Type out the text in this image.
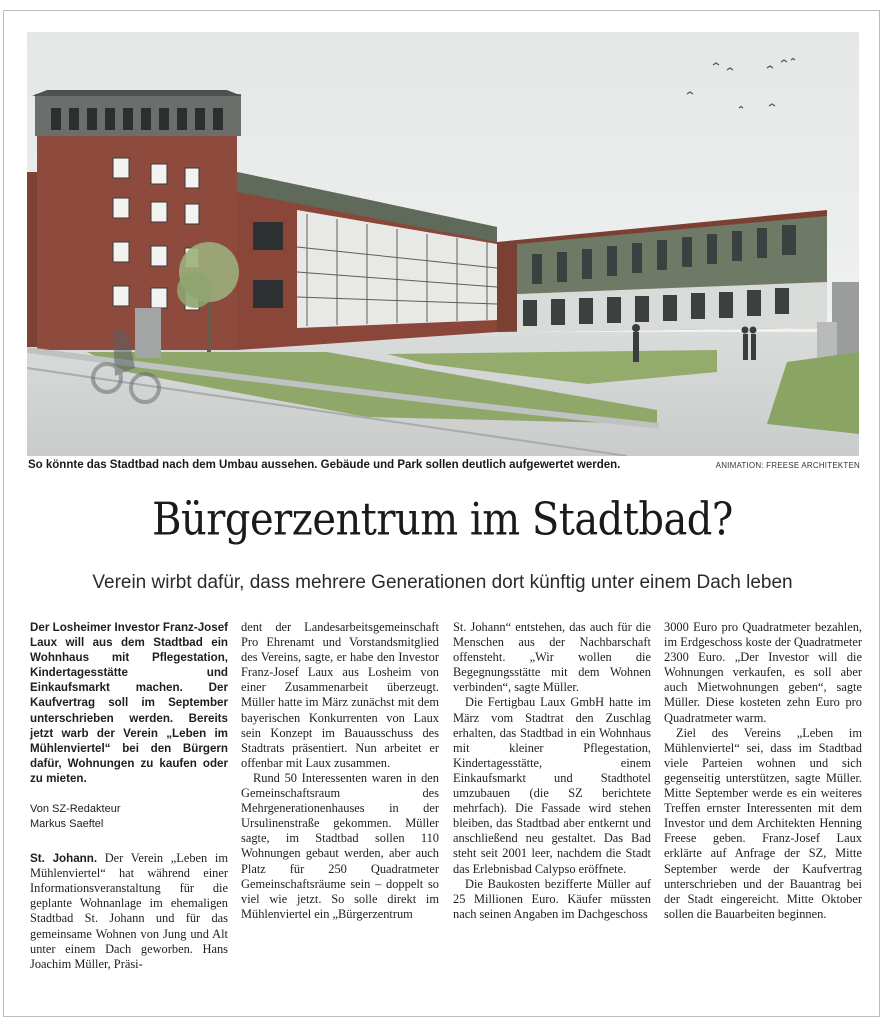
So könnte das Stadtbad nach dem Umbau aussehen. Gebäude und Park sollen deutlich aufgewertet werden.	ANIMATION: FREESE ARCHITEKTEN
Bürgerzentrum im Stadtbad?
Verein wirbt dafür, dass mehrere Generationen dort künftig unter einem Dach leben

Der Losheimer Investor Franz-Josef Laux will aus dem Stadtbad ein Wohnhaus mit Pflegestation, Kindertagesstätte und Einkaufsmarkt machen. Der Kaufvertrag soll im September unterschrieben werden. Bereits jetzt warb der Verein „Leben im Mühlenviertel“ bei den Bürgern dafür, Wohnungen zu kaufen oder zu mieten.

Von SZ-Redakteur
Markus Saeftel

St. Johann. Der Verein „Leben im Mühlenviertel“ hat während einer Informationsveranstaltung für die geplante Wohnanlage im ehemaligen Stadtbad St. Johann und für das gemeinsame Wohnen von Jung und Alt unter einem Dach geworben. Hans Joachim Müller, Präsi-

dent der Landesarbeitsgemeinschaft Pro Ehrenamt und Vorstandsmitglied des Vereins, sagte, er habe den Investor Franz-Josef Laux aus Losheim von einer Zusammenarbeit überzeugt. Müller hatte im März zunächst mit dem bayerischen Konkurrenten von Laux sein Konzept im Bauausschuss des Stadtrats präsentiert. Nun arbeitet er offenbar mit Laux zusammen.

Rund 50 Interessenten waren in den Gemeinschaftsraum des Mehrgenerationenhauses in der Ursulinenstraße gekommen. Müller sagte, im Stadtbad sollen 110 Wohnungen gebaut werden, aber auch Platz für 250 Quadratmeter Gemeinschaftsräume sein – doppelt so viel wie jetzt. So solle direkt im Mühlenviertel ein „Bürgerzentrum

St. Johann“ entstehen, das auch für die Menschen aus der Nachbarschaft offensteht. „Wir wollen die Begegnungsstätte mit dem Wohnen verbinden“, sagte Müller.

Die Fertigbau Laux GmbH hatte im März vom Stadtrat den Zuschlag erhalten, das Stadtbad in ein Wohnhaus mit kleiner Pflegestation, Kindertagesstätte, einem Einkaufsmarkt und Stadthotel umzubauen (die SZ berichtete mehrfach). Die Fassade wird stehen bleiben, das Stadtbad aber entkernt und anschließend neu gestaltet. Das Bad steht seit 2001 leer, nachdem die Stadt das Erlebnisbad Calypso eröffnete.

Die Baukosten bezifferte Müller auf 25 Millionen Euro. Käufer müssten nach seinen Angaben im Dachgeschoss

3000 Euro pro Quadratmeter bezahlen, im Erdgeschoss koste der Quadratmeter 2300 Euro. „Der Investor will die Wohnungen verkaufen, es soll aber auch Mietwohnungen geben“, sagte Müller. Diese kosteten zehn Euro pro Quadratmeter warm.

Ziel des Vereins „Leben im Mühlenviertel“ sei, dass im Stadtbad viele Parteien wohnen und sich gegenseitig unterstützen, sagte Müller. Mitte September werde es ein weiteres Treffen ernster Interessenten mit dem Investor und dem Architekten Henning Freese geben. Franz-Josef Laux erklärte auf Anfrage der SZ, Mitte September werde der Kaufvertrag unterschrieben und der Bauantrag bei der Stadt eingereicht. Mitte Oktober sollen die Bauarbeiten beginnen.
